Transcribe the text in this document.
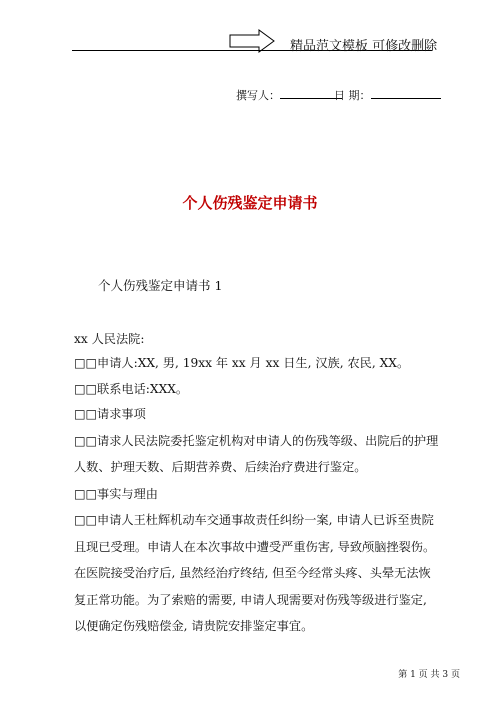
精品范文模板 可修改删除
撰写人：	日 期：
个人伤残鉴定申请书
个人伤残鉴定申请书 1
xx 人民法院:
□□申请人:XX, 男, 19xx 年 xx 月 xx 日生, 汉族, 农民, XX。
□□联系电话:XXX。
□□请求事项
□□请求人民法院委托鉴定机构对申请人的伤残等级、出院后的护理
人数、护理天数、后期营养费、后续治疗费进行鉴定。
□□事实与理由
□□申请人王杜辉机动车交通事故责任纠纷一案, 申请人已诉至贵院
且现已受理。申请人在本次事故中遭受严重伤害, 导致颅脑挫裂伤。
在医院接受治疗后, 虽然经治疗终结, 但至今经常头疼、头晕无法恢
复正常功能。为了索赔的需要, 申请人现需要对伤残等级进行鉴定,
以便确定伤残赔偿金, 请贵院安排鉴定事宜。
第 1 页 共 3 页
